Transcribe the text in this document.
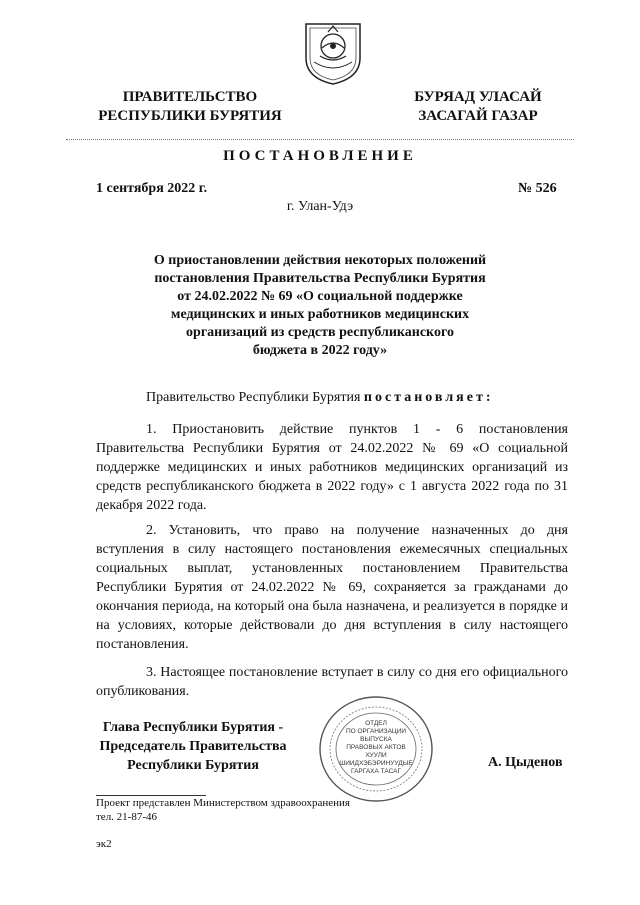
ПРАВИТЕЛЬСТВО
РЕСПУБЛИКИ БУРЯТИЯ
БУРЯАД УЛАСАЙ
ЗАСАГАЙ ГАЗАР
ПОСТАНОВЛЕНИЕ
1 сентября 2022 г.	№ 526
г. Улан-Удэ
О приостановлении действия некоторых положений
постановления Правительства Республики Бурятия
от 24.02.2022 № 69 «О социальной поддержке
медицинских и иных работников медицинских
организаций из средств республиканского
бюджета в 2022 году»
Правительство Республики Бурятия постановляет:
1. Приостановить действие пунктов 1 - 6 постановления Правительства Республики Бурятия от 24.02.2022 № 69 «О социальной поддержке медицинских и иных работников медицинских организаций из средств республиканского бюджета в 2022 году» с 1 августа 2022 года по 31 декабря 2022 года.
2. Установить, что право на получение назначенных до дня вступления в силу настоящего постановления ежемесячных специальных социальных выплат, установленных постановлением Правительства Республики Бурятия от 24.02.2022 № 69, сохраняется за гражданами до окончания периода, на который она была назначена, и реализуется в порядке и на условиях, которые действовали до дня вступления в силу настоящего постановления.
3. Настоящее постановление вступает в силу со дня его официального опубликования.
Глава Республики Бурятия -
Председатель Правительства
Республики Бурятия
ОТДЕЛ
ПО ОРГАНИЗАЦИИ
ВЫПУСКА
ПРАВОВЫХ АКТОВ
ХУУЛИ
ШИИДХЭБЭРИНУУДЫЕ
ГАРГАХА ТАСАГ
А. Цыденов
Проект представлен Министерством здравоохранения
тел. 21-87-46
эк2
